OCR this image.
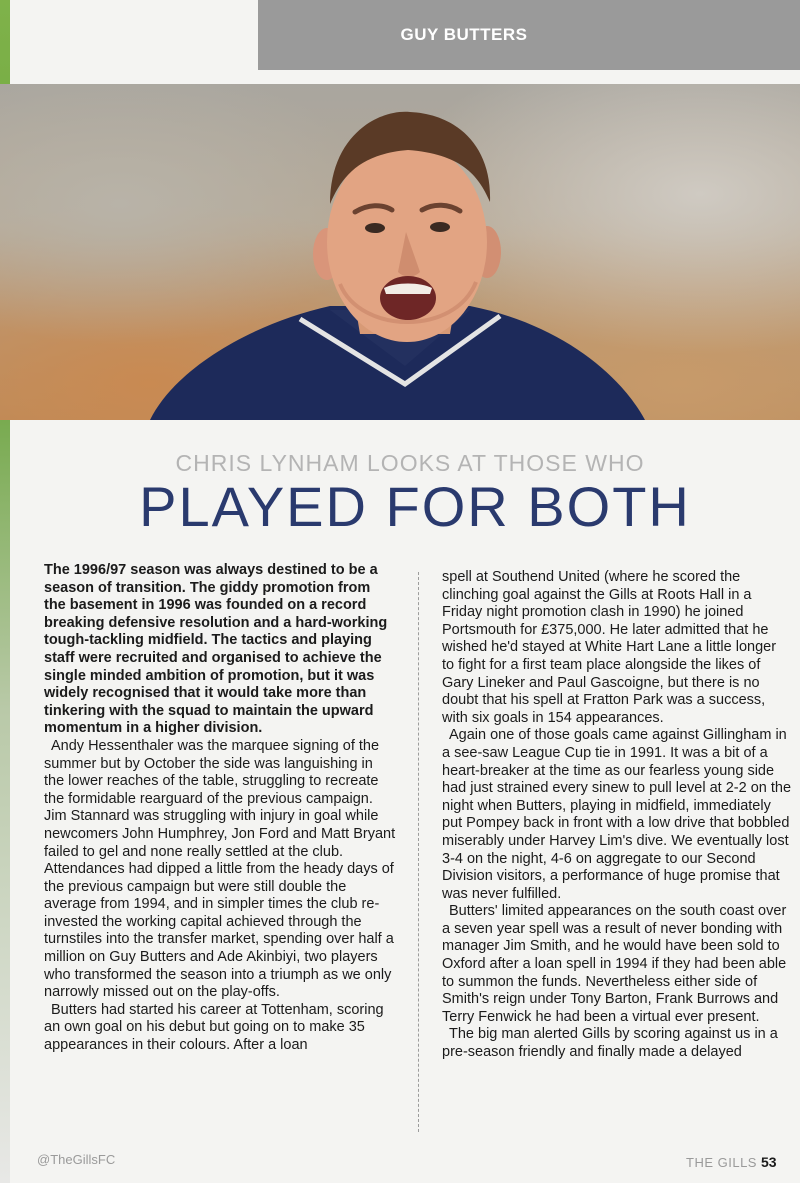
GUY BUTTERS
CHRIS LYNHAM LOOKS AT THOSE WHO
PLAYED FOR BOTH

The 1996/97 season was always destined to be a season of transition. The giddy promotion from the basement in 1996 was founded on a record breaking defensive resolution and a hard-working tough-tackling midfield. The tactics and playing staff were recruited and organised to achieve the single minded ambition of promotion, but it was widely recognised that it would take more than tinkering with the squad to maintain the upward momentum in a higher division.

Andy Hessenthaler was the marquee signing of the summer but by October the side was languishing in the lower reaches of the table, struggling to recreate the formidable rearguard of the previous campaign. Jim Stannard was struggling with injury in goal while newcomers John Humphrey, Jon Ford and Matt Bryant failed to gel and none really settled at the club. Attendances had dipped a little from the heady days of the previous campaign but were still double the average from 1994, and in simpler times the club re-invested the working capital achieved through the turnstiles into the transfer market, spending over half a million on Guy Butters and Ade Akinbiyi, two players who transformed the season into a triumph as we only narrowly missed out on the play-offs.

Butters had started his career at Tottenham, scoring an own goal on his debut but going on to make 35 appearances in their colours. After a loan

spell at Southend United (where he scored the clinching goal against the Gills at Roots Hall in a Friday night promotion clash in 1990) he joined Portsmouth for £375,000. He later admitted that he wished he'd stayed at White Hart Lane a little longer to fight for a first team place alongside the likes of Gary Lineker and Paul Gascoigne, but there is no doubt that his spell at Fratton Park was a success, with six goals in 154 appearances.

Again one of those goals came against Gillingham in a see-saw League Cup tie in 1991. It was a bit of a heart-breaker at the time as our fearless young side had just strained every sinew to pull level at 2-2 on the night when Butters, playing in midfield, immediately put Pompey back in front with a low drive that bobbled miserably under Harvey Lim's dive. We eventually lost 3-4 on the night, 4-6 on aggregate to our Second Division visitors, a performance of huge promise that was never fulfilled.

Butters' limited appearances on the south coast over a seven year spell was a result of never bonding with manager Jim Smith, and he would have been sold to Oxford after a loan spell in 1994 if they had been able to summon the funds. Nevertheless either side of Smith's reign under Tony Barton, Frank Burrows and Terry Fenwick he had been a virtual ever present.

The big man alerted Gills by scoring against us in a pre-season friendly and finally made a delayed

@TheGillsFC	THE GILLS 53
